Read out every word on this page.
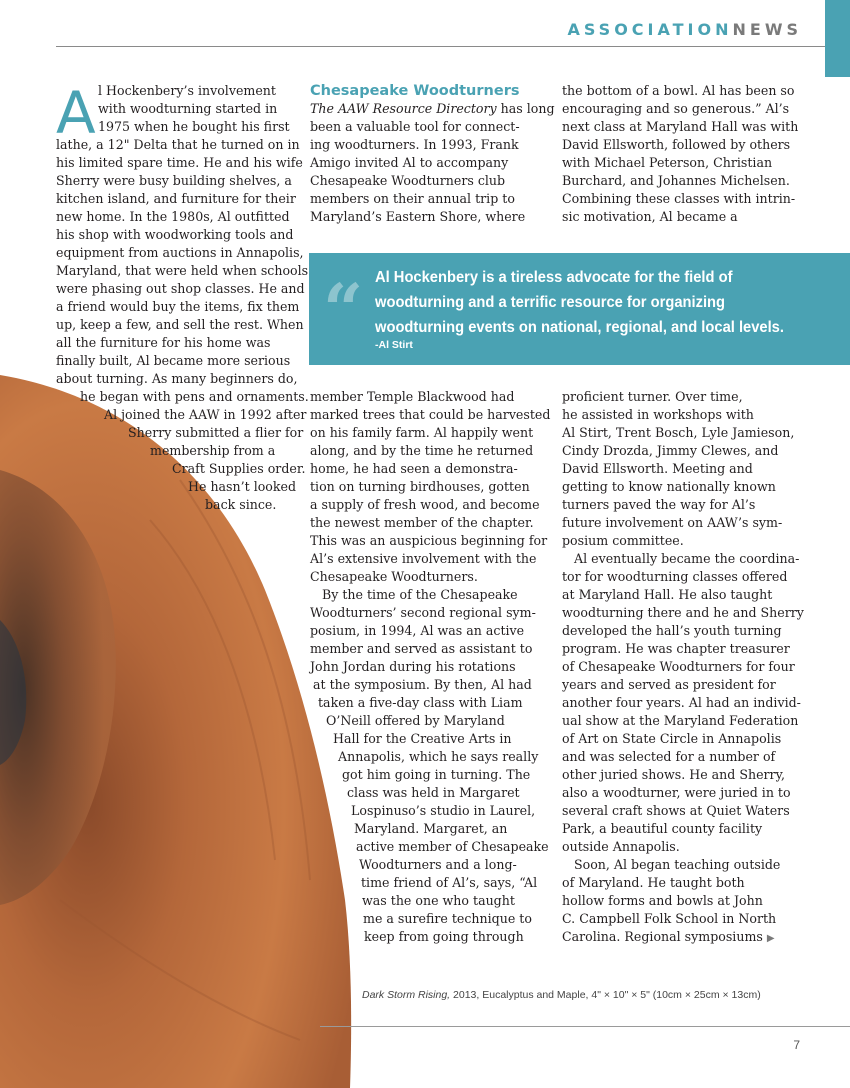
ASSOCIATIONNEWS
A l Hockenbery’s involvement

with woodturning started in

1975 when he bought his first

lathe, a 12" Delta that he turned on in

his limited spare time. He and his wife

Sherry were busy building shelves, a

kitchen island, and furniture for their

new home. In the 1980s, Al outfitted

his shop with woodworking tools and

equipment from auctions in Annapolis,

Maryland, that were held when schools

were phasing out shop classes. He and

a friend would buy the items, fix them

up, keep a few, and sell the rest. When

all the furniture for his home was

finally built, Al became more serious

about turning. As many beginners do,

he began with pens and ornaments.

Al joined the AAW in 1992 after

Sherry submitted a flier for

membership from a

Craft Supplies order.

He hasn’t looked

back since.

Chesapeake Woodturners

The AAW Resource Directory has long

been a valuable tool for connect-

ing woodturners. In 1993, Frank

Amigo invited Al to accompany

Chesapeake Woodturners club

members on their annual trip to

Maryland’s Eastern Shore, where

the bottom of a bowl. Al has been so

encouraging and so generous.” Al’s

next class at Maryland Hall was with

David Ellsworth, followed by others

with Michael Peterson, Christian

Burchard, and Johannes Michelsen.

Combining these classes with intrin-

sic motivation, Al became a

“ Al Hockenbery is a tireless advocate for the field of

woodturning and a terrific resource for organizing

woodturning events on national, regional, and local levels.

-Al Stirt

member Temple Blackwood had

marked trees that could be harvested

on his family farm. Al happily went

along, and by the time he returned

home, he had seen a demonstra-

tion on turning birdhouses, gotten

a supply of fresh wood, and become

the newest member of the chapter.

This was an auspicious beginning for

Al’s extensive involvement with the

Chesapeake Woodturners.

By the time of the Chesapeake

Woodturners’ second regional sym-

posium, in 1994, Al was an active

member and served as assistant to

John Jordan during his rotations

at the symposium. By then, Al had

taken a five-day class with Liam

O’Neill offered by Maryland

Hall for the Creative Arts in

Annapolis, which he says really

got him going in turning. The

class was held in Margaret

Lospinuso’s studio in Laurel,

Maryland. Margaret, an

active member of Chesapeake

Woodturners and a long-

time friend of Al’s, says, “Al

was the one who taught

me a surefire technique to

keep from going through

proficient turner. Over time,

he assisted in workshops with

Al Stirt, Trent Bosch, Lyle Jamieson,

Cindy Drozda, Jimmy Clewes, and

David Ellsworth. Meeting and

getting to know nationally known

turners paved the way for Al’s

future involvement on AAW’s sym-

posium committee.

Al eventually became the coordina-

tor for woodturning classes offered

at Maryland Hall. He also taught

woodturning there and he and Sherry

developed the hall’s youth turning

program. He was chapter treasurer

of Chesapeake Woodturners for four

years and served as president for

another four years. Al had an individ-

ual show at the Maryland Federation

of Art on State Circle in Annapolis

and was selected for a number of

other juried shows. He and Sherry,

also a woodturner, were juried in to

several craft shows at Quiet Waters

Park, a beautiful county facility

outside Annapolis.

Soon, Al began teaching outside

of Maryland. He taught both

hollow forms and bowls at John

C. Campbell Folk School in North

Carolina. Regional symposiums ▶

Dark Storm Rising, 2013, Eucalyptus and Maple, 4" × 10" × 5" (10cm × 25cm × 13cm)
7
